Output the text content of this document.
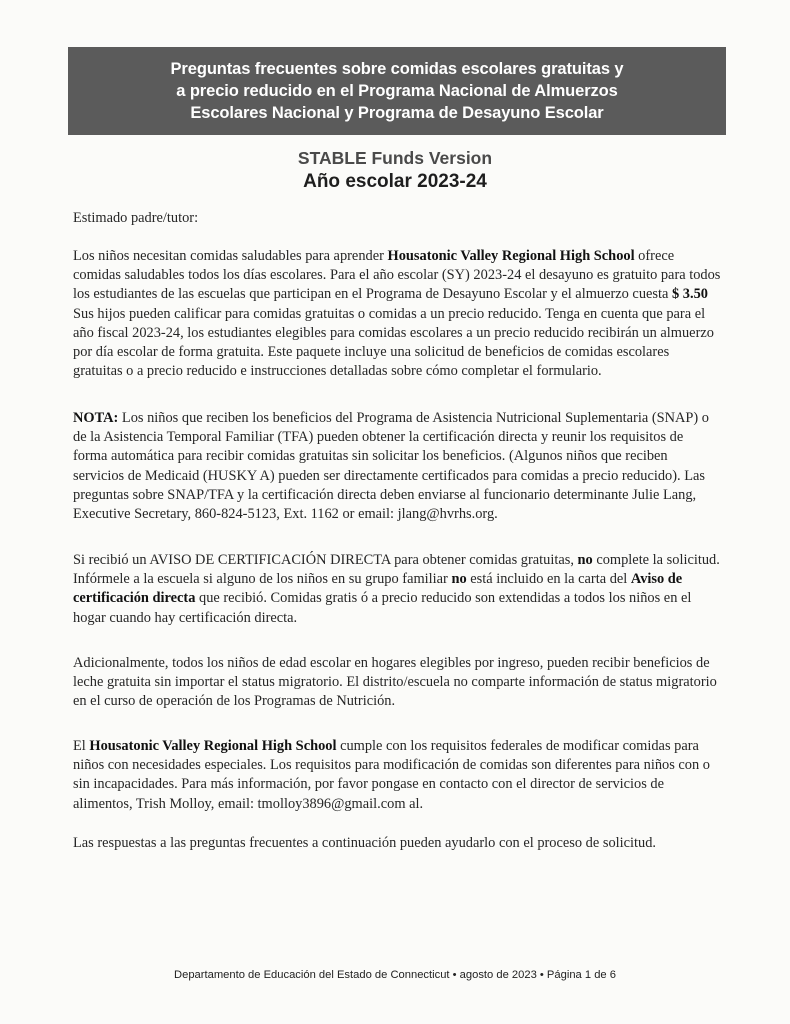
Preguntas frecuentes sobre comidas escolares gratuitas y
a precio reducido en el Programa Nacional de Almuerzos
Escolares Nacional y Programa de Desayuno Escolar
STABLE Funds Version
Año escolar 2023-24

Estimado padre/tutor:

Los niños necesitan comidas saludables para aprender Housatonic Valley Regional High School ofrece comidas saludables todos los días escolares. Para el año escolar (SY) 2023-24 el desayuno es gratuito para todos los estudiantes de las escuelas que participan en el Programa de Desayuno Escolar y el almuerzo cuesta $ 3.50 Sus hijos pueden calificar para comidas gratuitas o comidas a un precio reducido. Tenga en cuenta que para el año fiscal 2023-24, los estudiantes elegibles para comidas escolares a un precio reducido recibirán un almuerzo por día escolar de forma gratuita. Este paquete incluye una solicitud de beneficios de comidas escolares gratuitas o a precio reducido e instrucciones detalladas sobre cómo completar el formulario.

NOTA: Los niños que reciben los beneficios del Programa de Asistencia Nutricional Suplementaria (SNAP) o de la Asistencia Temporal Familiar (TFA) pueden obtener la certificación directa y reunir los requisitos de forma automática para recibir comidas gratuitas sin solicitar los beneficios. (Algunos niños que reciben servicios de Medicaid (HUSKY A) pueden ser directamente certificados para comidas a precio reducido). Las preguntas sobre SNAP/TFA y la certificación directa deben enviarse al funcionario determinante Julie Lang, Executive Secretary, 860-824-5123, Ext. 1162 or email: jlang@hvrhs.org.

Si recibió un AVISO DE CERTIFICACIÓN DIRECTA para obtener comidas gratuitas, no complete la solicitud. Infórmele a la escuela si alguno de los niños en su grupo familiar no está incluido en la carta del Aviso de certificación directa que recibió. Comidas gratis ó a precio reducido son extendidas a todos los niños en el hogar cuando hay certificación directa.

Adicionalmente, todos los niños de edad escolar en hogares elegibles por ingreso, pueden recibir beneficios de leche gratuita sin importar el status migratorio. El distrito/escuela no comparte información de status migratorio en el curso de operación de los Programas de Nutrición.

El Housatonic Valley Regional High School cumple con los requisitos federales de modificar comidas para niños con necesidades especiales. Los requisitos para modificación de comidas son diferentes para niños con o sin incapacidades. Para más información, por favor pongase en contacto con el director de servicios de alimentos, Trish Molloy, email: tmolloy3896@gmail.com al.

Las respuestas a las preguntas frecuentes a continuación pueden ayudarlo con el proceso de solicitud.

Departamento de Educación del Estado de Connecticut • agosto de 2023 • Página 1 de 6
